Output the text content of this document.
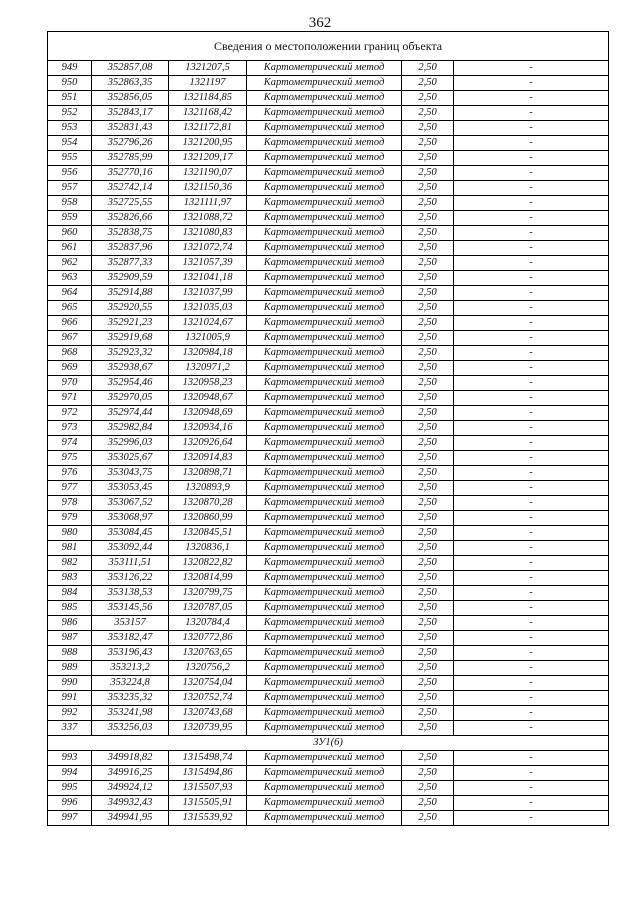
362
Сведения о местоположении границ объекта					
949	352857,08	1321207,5	Картометрический метод	2,50	-
950	352863,35	1321197	Картометрический метод	2,50	-
951	352856,05	1321184,85	Картометрический метод	2,50	-
952	352843,17	1321168,42	Картометрический метод	2,50	-
953	352831,43	1321172,81	Картометрический метод	2,50	-
954	352796,26	1321200,95	Картометрический метод	2,50	-
955	352785,99	1321209,17	Картометрический метод	2,50	-
956	352770,16	1321190,07	Картометрический метод	2,50	-
957	352742,14	1321150,36	Картометрический метод	2,50	-
958	352725,55	1321111,97	Картометрический метод	2,50	-
959	352826,66	1321088,72	Картометрический метод	2,50	-
960	352838,75	1321080,83	Картометрический метод	2,50	-
961	352837,96	1321072,74	Картометрический метод	2,50	-
962	352877,33	1321057,39	Картометрический метод	2,50	-
963	352909,59	1321041,18	Картометрический метод	2,50	-
964	352914,88	1321037,99	Картометрический метод	2,50	-
965	352920,55	1321035,03	Картометрический метод	2,50	-
966	352921,23	1321024,67	Картометрический метод	2,50	-
967	352919,68	1321005,9	Картометрический метод	2,50	-
968	352923,32	1320984,18	Картометрический метод	2,50	-
969	352938,67	1320971,2	Картометрический метод	2,50	-
970	352954,46	1320958,23	Картометрический метод	2,50	-
971	352970,05	1320948,67	Картометрический метод	2,50	-
972	352974,44	1320948,69	Картометрический метод	2,50	-
973	352982,84	1320934,16	Картометрический метод	2,50	-
974	352996,03	1320926,64	Картометрический метод	2,50	-
975	353025,67	1320914,83	Картометрический метод	2,50	-
976	353043,75	1320898,71	Картометрический метод	2,50	-
977	353053,45	1320893,9	Картометрический метод	2,50	-
978	353067,52	1320870,28	Картометрический метод	2,50	-
979	353068,97	1320860,99	Картометрический метод	2,50	-
980	353084,45	1320845,51	Картометрический метод	2,50	-
981	353092,44	1320836,1	Картометрический метод	2,50	-
982	353111,51	1320822,82	Картометрический метод	2,50	-
983	353126,22	1320814,99	Картометрический метод	2,50	-
984	353138,53	1320799,75	Картометрический метод	2,50	-
985	353145,56	1320787,05	Картометрический метод	2,50	-
986	353157	1320784,4	Картометрический метод	2,50	-
987	353182,47	1320772,86	Картометрический метод	2,50	-
988	353196,43	1320763,65	Картометрический метод	2,50	-
989	353213,2	1320756,2	Картометрический метод	2,50	-
990	353224,8	1320754,04	Картометрический метод	2,50	-
991	353235,32	1320752,74	Картометрический метод	2,50	-
992	353241,98	1320743,68	Картометрический метод	2,50	-
337	353256,03	1320739,95	Картометрический метод	2,50	-
ЗУ1(6)					
993	349918,82	1315498,74	Картометрический метод	2,50	-
994	349916,25	1315494,86	Картометрический метод	2,50	-
995	349924,12	1315507,93	Картометрический метод	2,50	-
996	349932,43	1315505,91	Картометрический метод	2,50	-
997	349941,95	1315539,92	Картометрический метод	2,50	-
